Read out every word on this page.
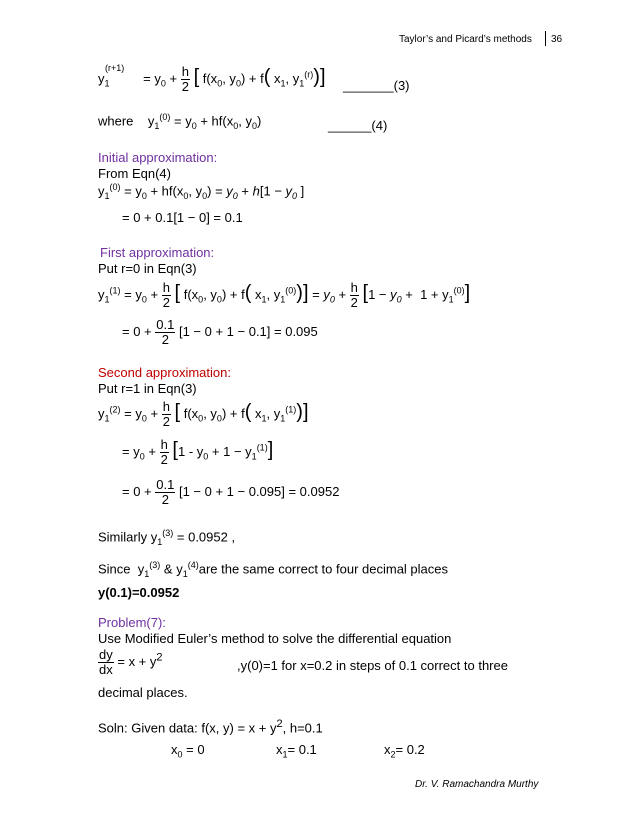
Taylor’s and Picard’s methods 36
$y_1$
(r+1)
= $y_0 + \frac{h}{2}$ [ $f(x_0$, $y_0) + f$( $x_1$, $y_1^{(r)}$)] _______(3)
where    $y_1^{(0)} = y_0 + hf(x_0$, $y_0$)	______(4)
Initial approximation:
From Eqn(4)
$y_1^{(0)} = y_0 + hf(x_0$, $y_0) = y_0 + h[1 - y_0$ ]
= 0 + 0.1[1 − 0] = 0.1
First approximation:
Put r=0 in Eqn(3)
$y_1^{(1)} = y_0 + \frac{h}{2}$ [ $f(x_0$, $y_0) + f$( $x_1$, $y_1^{(0)})] = y_0 + \frac{h}{2} [1 - y_0 + 1 + y_1^{(0)}]$
= $0 + \frac{0.1}{2} [1 - 0 + 1 - 0.1] = 0.095$
Second approximation:
Put r=1 in Eqn(3)
$y_1^{(2)} = y_0 + \frac{h}{2}$ [ $f(x_0$, $y_0) + f$( $x_1$, $y_1^{(1)}$)]
= $y_0 + \frac{h}{2} [1 - y_0 + 1 - y_1^{(1)}]$
= $0 + \frac{0.1}{2} [1 - 0 + 1 - 0.095] = 0.0952$
Similarly $y_1^{(3)} = 0.0952$ ,
Since  $y_1^{(3)}$ & $y_1^{(4)}are$ the same correct to four decimal places
y(0.1)=0.0952
Problem(7):
Use Modified Euler’s method to solve the differential equation
$\frac{dy}{dx} = x + y^2$
,y(0)=1 for x=0.2 in steps of 0.1 correct to three
decimal places.
Soln: Given data: f(x, $y) = x + y^2$, h=0.1
$x_0 = 0$	$x_1= 0.1$	$x_2= 0.2$
Dr. V. Ramachandra Murthy
